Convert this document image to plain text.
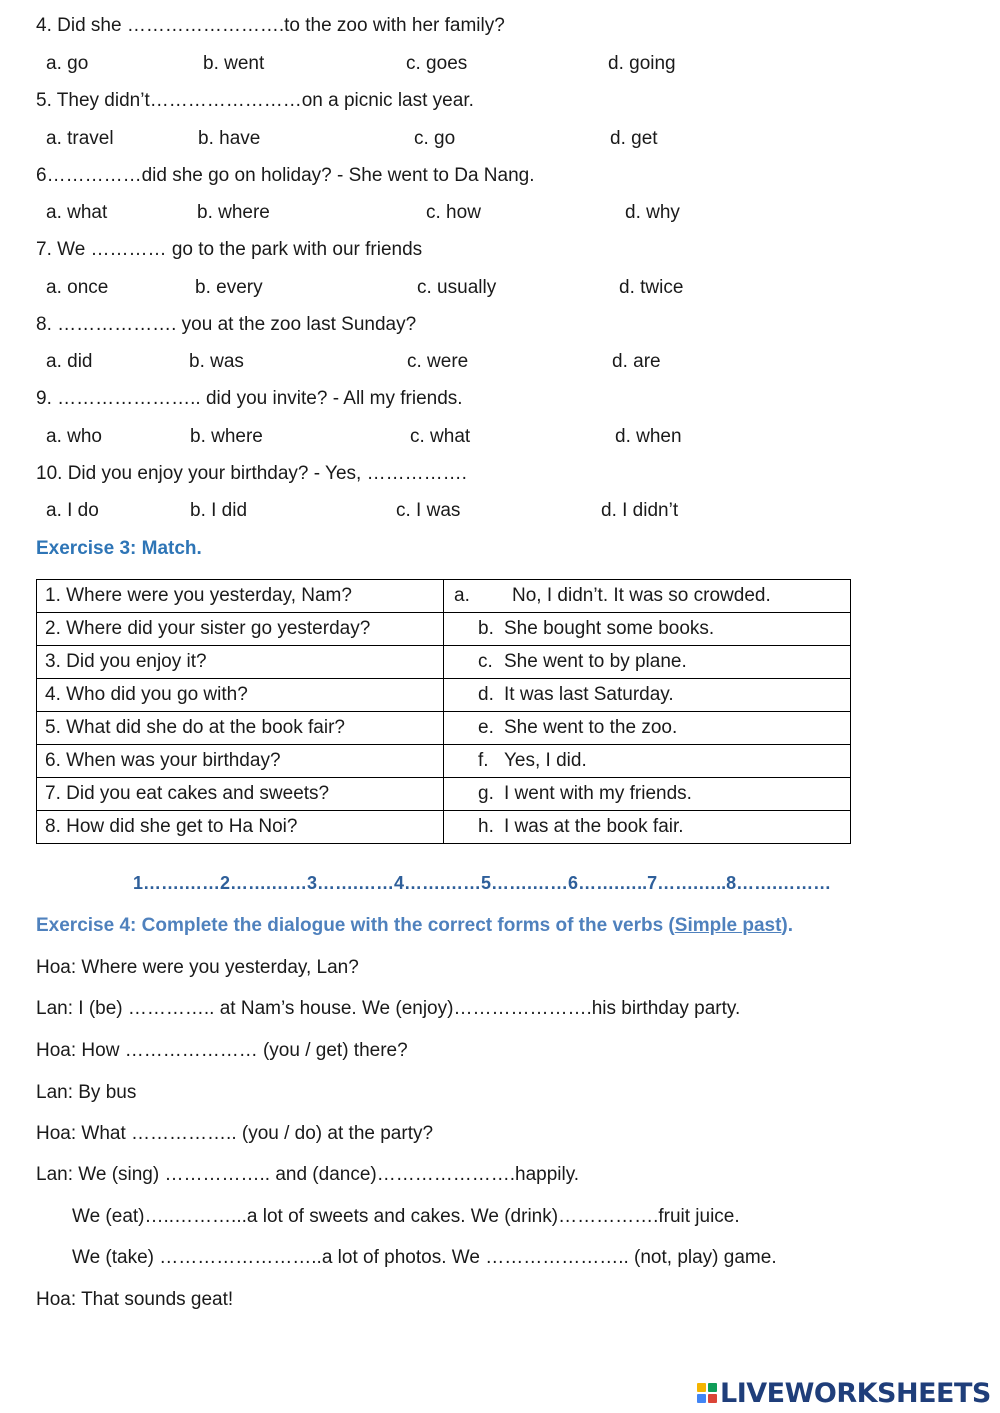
4. Did she …………………….to the zoo with her family?
a. go	b. went	c. goes	d. going
5. They didn’t……………………on a picnic last year.
a. travel	b. have	c. go	d. get
6……………did she go on holiday? - She went to Da Nang.
a. what	b. where	c. how	d. why
7. We ………… go to the park with our friends
a. once	b. every	c. usually	d. twice
8. ………………. you at the zoo last Sunday?
a. did	b. was	c. were	d. are
9. ………………….. did you invite? - All my friends.
a. who	b. where	c. what	d. when
10. Did you enjoy your birthday? - Yes, …………….
a. I do	b. I did	c. I was	d. I didn’t
Exercise 3: Match.
1. Where were you yesterday, Nam?	a. No, I didn’t. It was so crowded.
2. Where did your sister go yesterday?	b. She bought some books.
3. Did you enjoy it?	c. She went to by plane.
4. Who did you go with?	d. It was last Saturday.
5. What did she do at the book fair?	e. She went to the zoo.
6. When was your birthday?	f. Yes, I did.
7. Did you eat cakes and sweets?	g. I went with my friends.
8. How did she get to Ha Noi?	h. I was at the book fair.
1…….……2…….……3…….……4…….……5…….……6…….…..7…….…..8…….………
Exercise 4: Complete the dialogue with the correct forms of the verbs (Simple past).
Hoa: Where were you yesterday, Lan?
Lan: I (be) ………….. at Nam’s house. We (enjoy)………………….his birthday party.
Hoa: How ………………… (you / get) there?
Lan: By bus
Hoa: What …………….. (you / do) at the party?
Lan: We (sing) …………….. and (dance)………………….happily.
We (eat)…..………...a lot of sweets and cakes. We (drink)…………….fruit juice.
We (take) ……………………..a lot of photos. We ………………….. (not, play) game.
Hoa: That sounds geat!
LIVEWORKSHEETS
